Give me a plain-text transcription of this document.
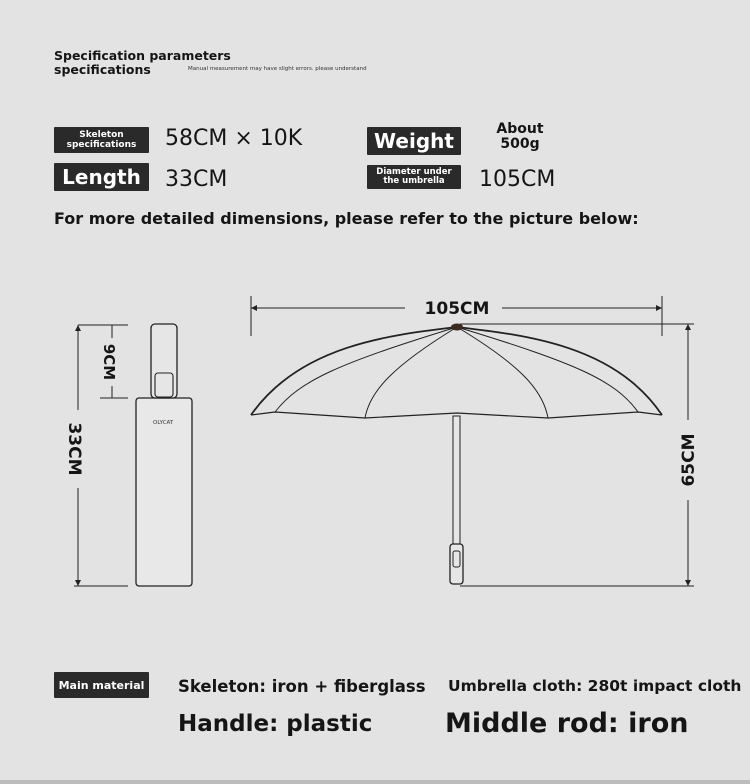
Specification parameters
specifications	Manual measurement may have slight errors. please understand
Skeleton specifications	58CM × 10K	Weight	About 500g
Length	33CM	Diameter under the umbrella	105CM
For more detailed dimensions, please refer to the picture below:
105CM
33CM
9CM
65CM
OLYCAT
Main material Skeleton: iron + fiberglass Umbrella cloth: 280t impact cloth
Handle: plastic	Middle rod: iron
